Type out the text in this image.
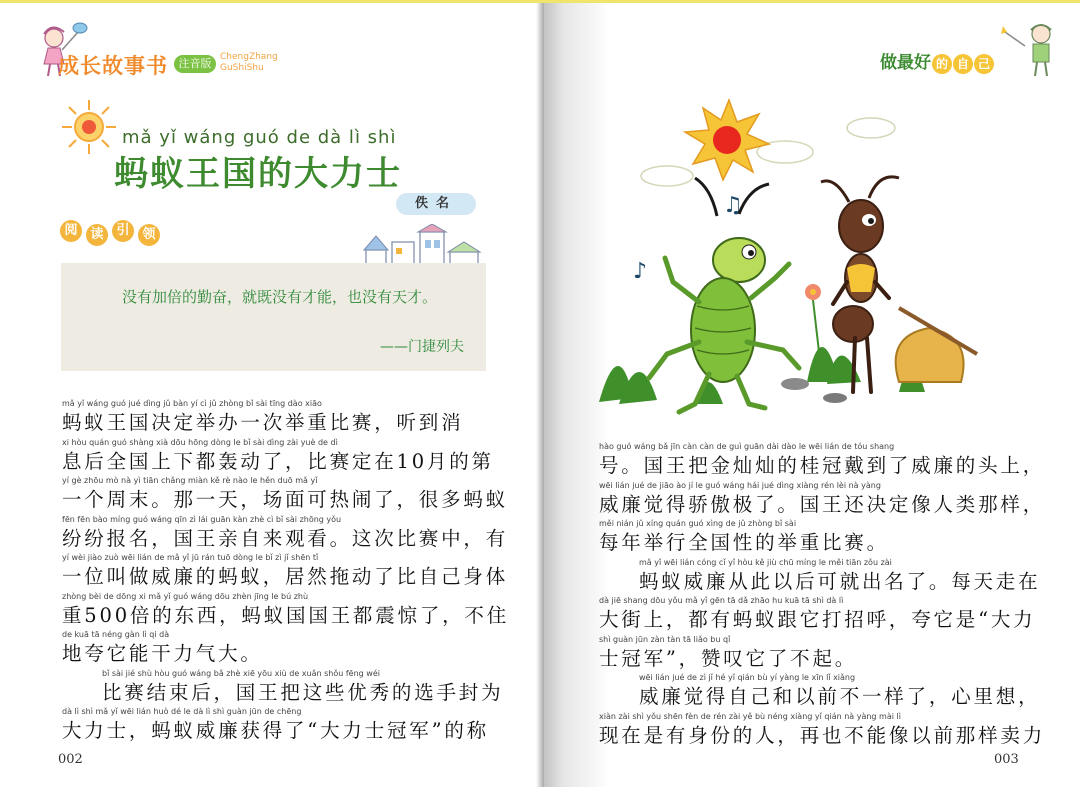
成长故事书 注音版 ChengZhang
GuShiShu
mǎ yǐ wáng guó de dà lì shì
蚂蚁王国的大力士
佚名
阅 读 引 领
没有加倍的勤奋，就既没有才能，也没有天才。
——门捷列夫
mǎ yǐ wáng guó jué dìng jǔ bàn yí cì jǔ zhòng bǐ sài tīng dào xiāo
蚂蚁王国决定举办一次举重比赛，听到消
xi hòu quán guó shàng xià dōu hōng dòng le bǐ sài dìng zài yuè de dì
息后全国上下都轰动了，比赛定在10月的第
yí gè zhōu mò nà yì tiān chǎng miàn kě rè nào le hěn duō mǎ yǐ
一个周末。那一天，场面可热闹了，很多蚂蚁
fēn fēn bào míng guó wáng qīn zì lái guān kàn zhè cì bǐ sài zhōng yǒu
纷纷报名，国王亲自来观看。这次比赛中，有
yí wèi jiào zuò wēi lián de mǎ yǐ jū rán tuō dòng le bǐ zì jǐ shēn tǐ
一位叫做威廉的蚂蚁，居然拖动了比自己身体
zhòng bèi de dōng xi mǎ yǐ guó wáng dōu zhèn jīng le bú zhù
重500倍的东西，蚂蚁国国王都震惊了，不住
de kuā tā néng gàn lì qi dà
地夸它能干力气大。
bǐ sài jié shù hòu guó wáng bǎ zhè xiē yōu xiù de xuǎn shǒu fēng wéi
比赛结束后，国王把这些优秀的选手封为
dà lì shì mǎ yǐ wēi lián huò dé le dà lì shì guàn jūn de chēng
大力士，蚂蚁威廉获得了“大力士冠军”的称
002
做最好 的 自 己
♪
♫
hào guó wáng bǎ jīn càn càn de guì guān dài dào le wēi lián de tóu shang
号。国王把金灿灿的桂冠戴到了威廉的头上，
wēi lián jué de jiāo ào jí le guó wáng hái jué dìng xiàng rén lèi nà yàng
威廉觉得骄傲极了。国王还决定像人类那样，
měi nián jǔ xíng quán guó xìng de jǔ zhòng bǐ sài
每年举行全国性的举重比赛。
mǎ yǐ wēi lián cóng cǐ yǐ hòu kě jiù chū míng le měi tiān zǒu zài
蚂蚁威廉从此以后可就出名了。每天走在
dà jiē shang dōu yǒu mǎ yǐ gēn tā dǎ zhāo hu kuā tā shì dà lì
大街上，都有蚂蚁跟它打招呼，夸它是“大力
shì guàn jūn zàn tàn tā liǎo bu qǐ
士冠军”，赞叹它了不起。
wēi lián jué de zì jǐ hé yǐ qián bù yí yàng le xīn lǐ xiǎng
威廉觉得自己和以前不一样了，心里想，
xiàn zài shì yǒu shēn fèn de rén zài yě bù néng xiàng yǐ qián nà yàng mài lì
现在是有身份的人，再也不能像以前那样卖力
003
